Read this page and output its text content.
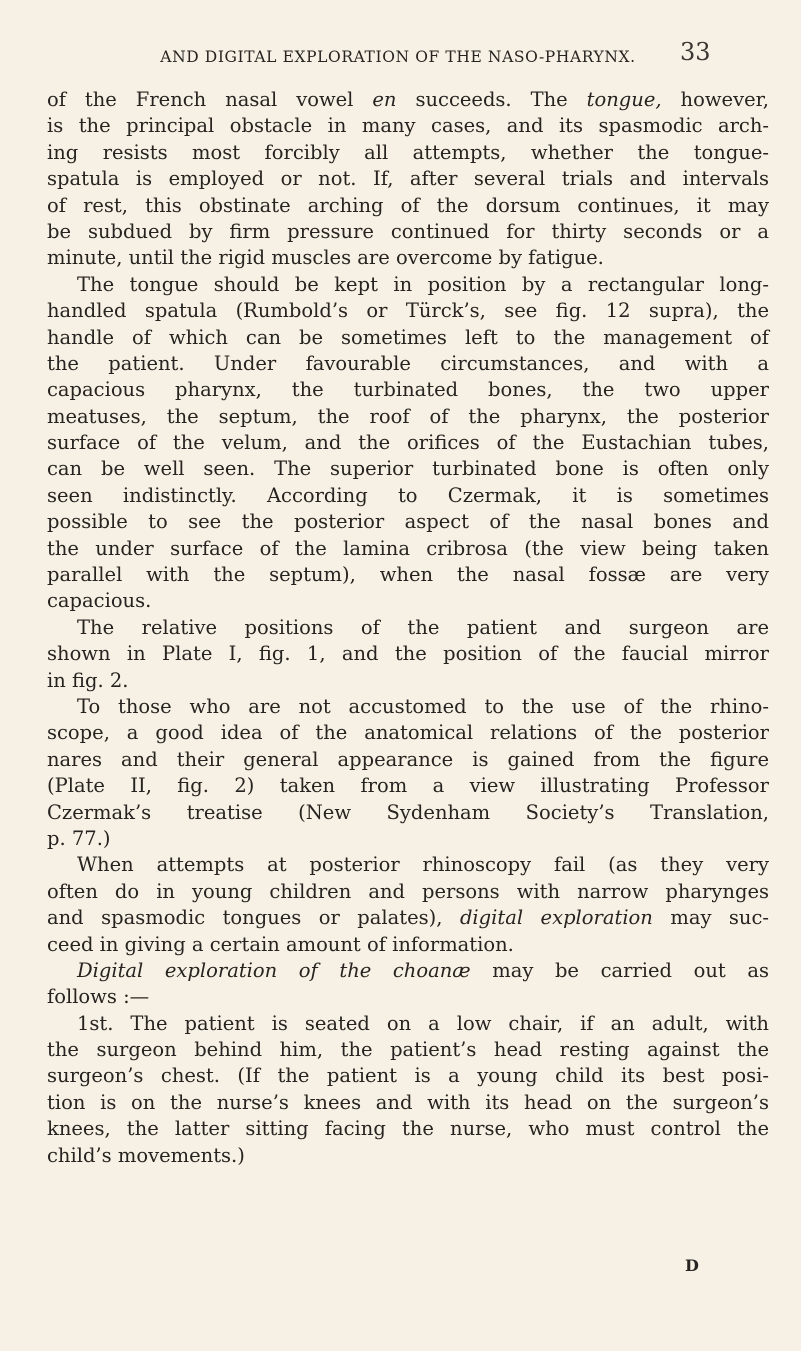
AND DIGITAL EXPLORATION OF THE NASO-PHARYNX.	33
of the French nasal vowel en succeeds. The tongue, however,
is the principal obstacle in many cases, and its spasmodic arch-
ing resists most forcibly all attempts, whether the tongue-
spatula is employed or not. If, after several trials and intervals
of rest, this obstinate arching of the dorsum continues, it may
be subdued by firm pressure continued for thirty seconds or a
minute, until the rigid muscles are overcome by fatigue.
The tongue should be kept in position by a rectangular long-
handled spatula (Rumbold’s or Türck’s, see fig. 12 supra), the
handle of which can be sometimes left to the management of
the patient. Under favourable circumstances, and with a
capacious pharynx, the turbinated bones, the two upper
meatuses, the septum, the roof of the pharynx, the posterior
surface of the velum, and the orifices of the Eustachian tubes,
can be well seen. The superior turbinated bone is often only
seen indistinctly. According to Czermak, it is sometimes
possible to see the posterior aspect of the nasal bones and
the under surface of the lamina cribrosa (the view being taken
parallel with the septum), when the nasal fossæ are very
capacious.
The relative positions of the patient and surgeon are
shown in Plate I, fig. 1, and the position of the faucial mirror
in fig. 2.
To those who are not accustomed to the use of the rhino-
scope, a good idea of the anatomical relations of the posterior
nares and their general appearance is gained from the figure
(Plate II, fig. 2) taken from a view illustrating Professor
Czermak’s treatise (New Sydenham Society’s Translation,
p. 77.)
When attempts at posterior rhinoscopy fail (as they very
often do in young children and persons with narrow pharynges
and spasmodic tongues or palates), digital exploration may suc-
ceed in giving a certain amount of information.
Digital exploration of the choanæ may be carried out as
follows :—
1st. The patient is seated on a low chair, if an adult, with
the surgeon behind him, the patient’s head resting against the
surgeon’s chest. (If the patient is a young child its best posi-
tion is on the nurse’s knees and with its head on the surgeon’s
knees, the latter sitting facing the nurse, who must control the
child’s movements.)
D
